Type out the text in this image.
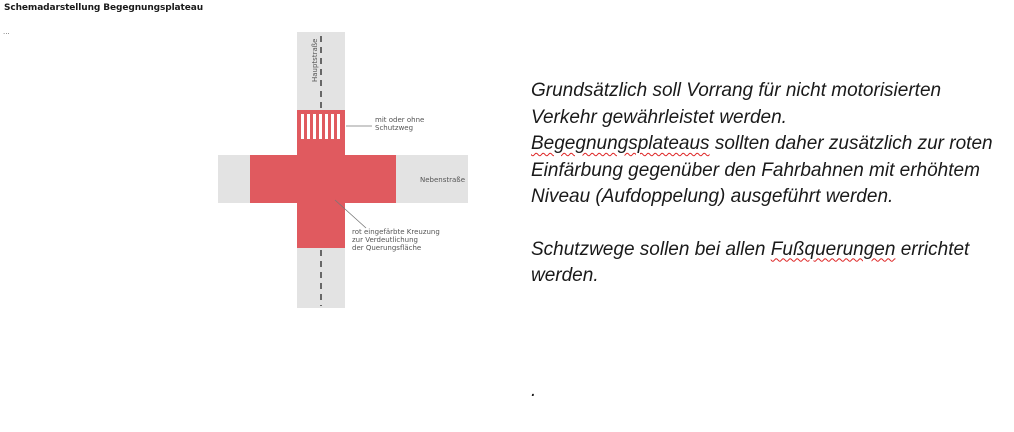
Schemadarstellung Begegnungsplateau
...
Hauptstraße
Nebenstraße
mit oder ohne
Schutzweg
rot eingefärbte Kreuzung
zur Verdeutlichung
der Querungsfläche

Grundsätzlich soll Vorrang für nicht motorisierten Verkehr gewährleistet werden.
Begegnungsplateaus sollten daher zusätzlich zur roten Einfärbung gegenüber den Fahrbahnen mit erhöhtem Niveau (Aufdoppelung) ausgeführt werden.

Schutzwege sollen bei allen Fußquerungen errichtet werden.

.
